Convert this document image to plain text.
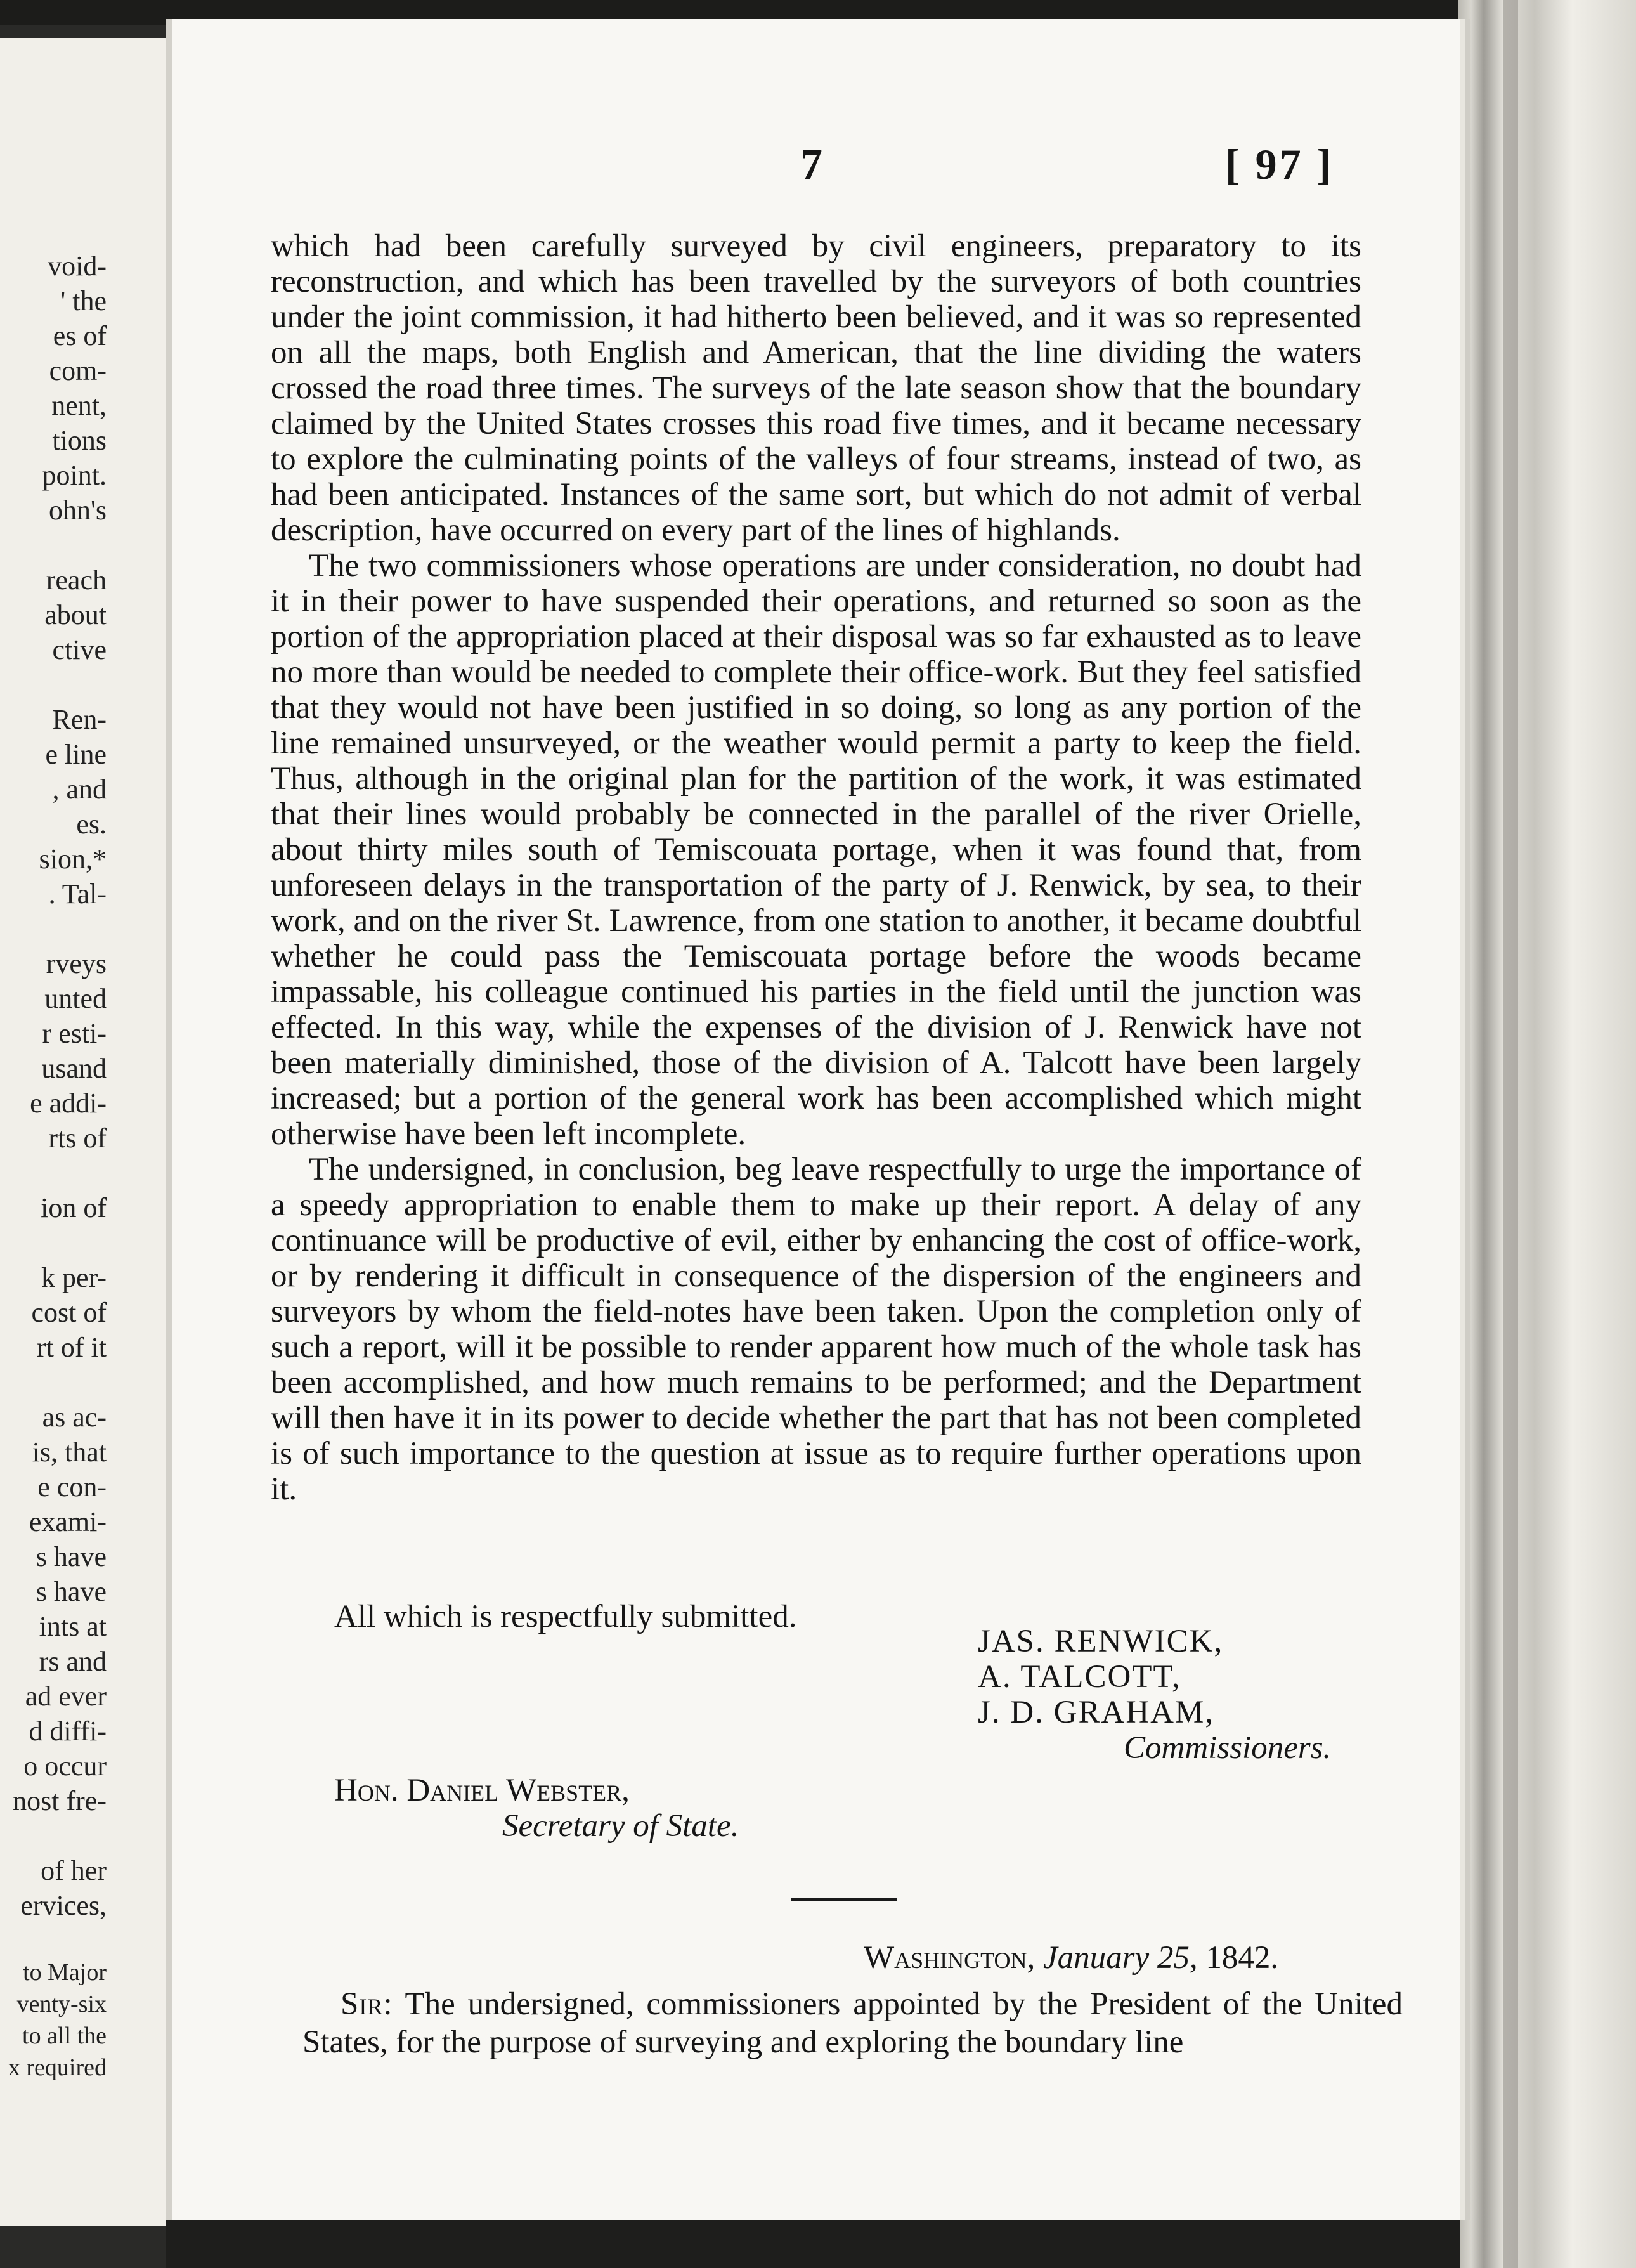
void-
' the
es of
com-
nent,
tions
point.
ohn's
reach
about
ctive
Ren-
e line
, and
es.
sion,*
. Tal-
rveys
unted
r esti-
usand
e addi-
rts of
ion of
k per-
cost of
rt of it
as ac-
is, that
e con-
exami-
s have
s have
ints at
rs and
ad ever
d diffi-
o occur
nost fre-
of her
ervices,
to Major
venty-six
to all the
x required
7	[ 97 ]

which had been carefully surveyed by civil engineers, preparatory to its reconstruction, and which has been travelled by the surveyors of both countries under the joint commission, it had hitherto been believed, and it was so represented on all the maps, both English and American, that the line dividing the waters crossed the road three times. The surveys of the late season show that the boundary claimed by the United States crosses this road five times, and it became necessary to explore the culminating points of the valleys of four streams, instead of two, as had been anticipated. Instances of the same sort, but which do not admit of verbal description, have occurred on every part of the lines of highlands.

The two commissioners whose operations are under consideration, no doubt had it in their power to have suspended their operations, and returned so soon as the portion of the appropriation placed at their disposal was so far exhausted as to leave no more than would be needed to complete their office-work. But they feel satisfied that they would not have been justified in so doing, so long as any portion of the line remained unsurveyed, or the weather would permit a party to keep the field. Thus, although in the original plan for the partition of the work, it was estimated that their lines would probably be connected in the parallel of the river Orielle, about thirty miles south of Temiscouata portage, when it was found that, from unforeseen delays in the transportation of the party of J. Renwick, by sea, to their work, and on the river St. Lawrence, from one station to another, it became doubtful whether he could pass the Temiscouata portage before the woods became impassable, his colleague continued his parties in the field until the junction was effected. In this way, while the expenses of the division of J. Renwick have not been materially diminished, those of the division of A. Talcott have been largely increased; but a portion of the general work has been accomplished which might otherwise have been left incomplete.

The undersigned, in conclusion, beg leave respectfully to urge the importance of a speedy appropriation to enable them to make up their report. A delay of any continuance will be productive of evil, either by enhancing the cost of office-work, or by rendering it difficult in consequence of the dispersion of the engineers and surveyors by whom the field-notes have been taken. Upon the completion only of such a report, will it be possible to render apparent how much of the whole task has been accomplished, and how much remains to be performed; and the Department will then have it in its power to decide whether the part that has not been completed is of such importance to the question at issue as to require further operations upon it.

All which is respectfully submitted.
JAS. RENWICK,
A. TALCOTT,
J. D. GRAHAM,
Commissioners.
Hon. Daniel Webster,
Secretary of State.
Washington, January 25, 1842.

Sir: The undersigned, commissioners appointed by the President of the United States, for the purpose of surveying and exploring the boundary line
